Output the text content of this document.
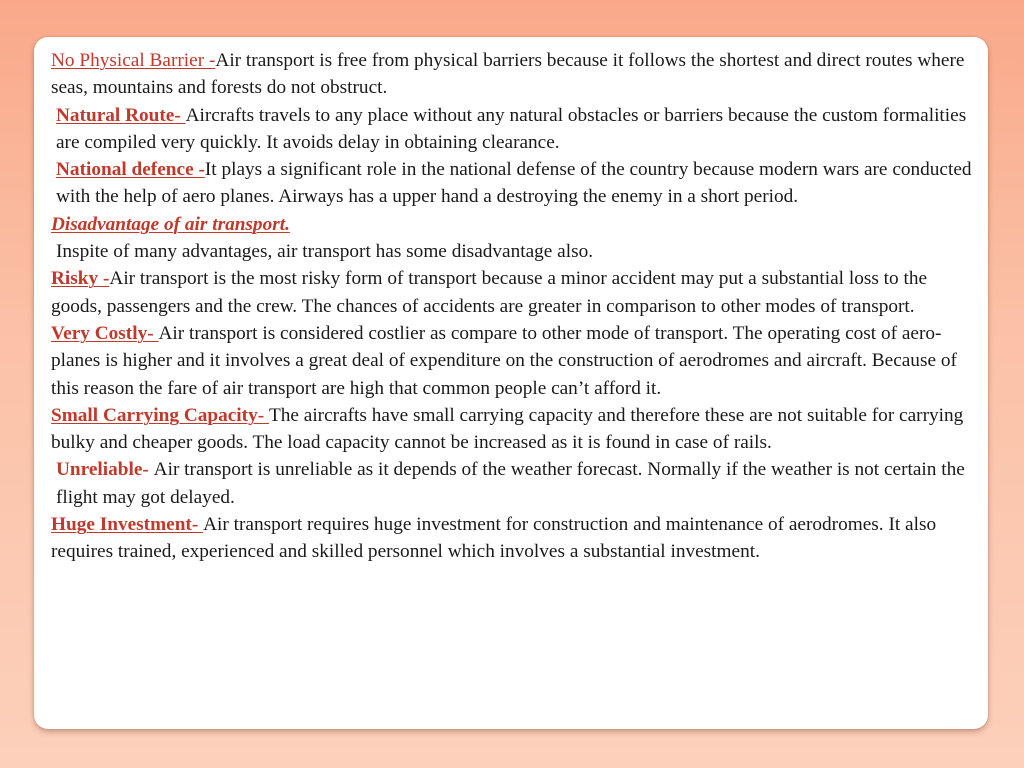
No Physical Barrier -Air transport is free from physical barriers because it follows the shortest and direct routes where seas, mountains and forests do not obstruct.

Natural Route- Aircrafts travels to any place without any natural obstacles or barriers because the custom formalities are compiled very quickly. It avoids delay in obtaining clearance.

National defence -It plays a significant role in the national defense of the country because modern wars are conducted with the help of aero planes. Airways has a upper hand a destroying the enemy in a short period.

Disadvantage of air transport.

Inspite of many advantages, air transport has some disadvantage also.

Risky -Air transport is the most risky form of transport because a minor accident may put a substantial loss to the goods, passengers and the crew. The chances of accidents are greater in comparison to other modes of transport.

Very Costly- Air transport is considered costlier as compare to other mode of transport. The operating cost of aero-planes is higher and it involves a great deal of expenditure on the construction of aerodromes and aircraft. Because of this reason the fare of air transport are high that common people can’t afford it.

Small Carrying Capacity- The aircrafts have small carrying capacity and therefore these are not suitable for carrying bulky and cheaper goods. The load capacity cannot be increased as it is found in case of rails.

Unreliable- Air transport is unreliable as it depends of the weather forecast. Normally if the weather is not certain the flight may got delayed.

Huge Investment- Air transport requires huge investment for construction and maintenance of aerodromes. It also requires trained, experienced and skilled personnel which involves a substantial investment.
